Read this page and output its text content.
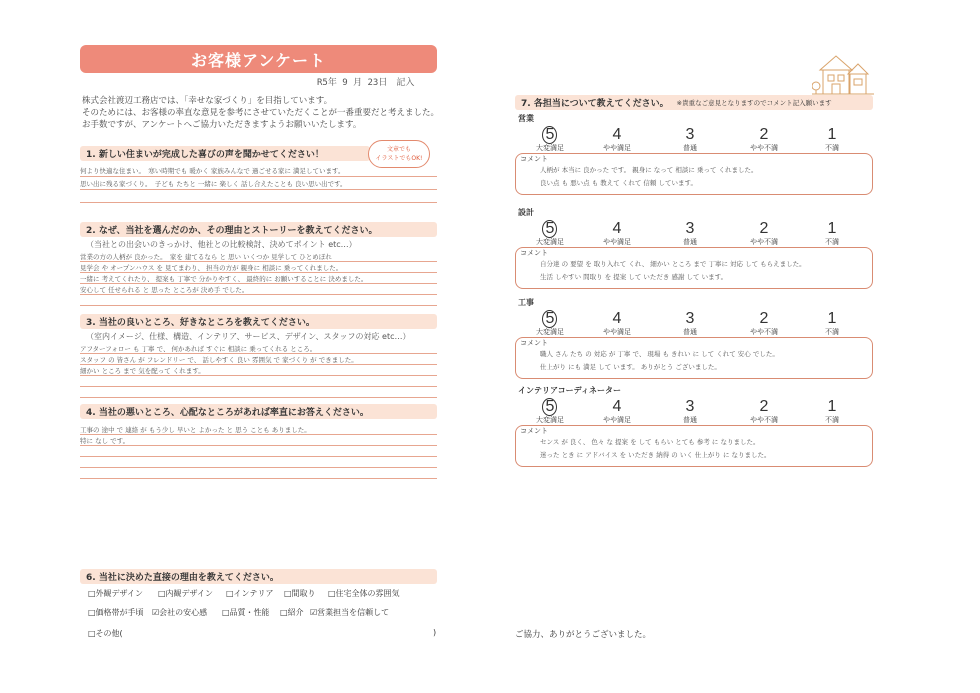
お客様アンケート
R5年 9 月 23日　記入
株式会社渡辺工務店では、「幸せな家づくり」を目指しています。
そのためには、お客様の率直な意見を参考にさせていただくことが一番重要だと考えました。
お手数ですが、アンケートへご協力いただきますようお願いいたします。
1. 新しい住まいが完成した喜びの声を聞かせてください！
文章でも
イラストでもOK!
何より快適な住まい。　寒い時期でも 暖かく 家族みんなで 過ごせる家に 満足しています。
思い出に残る家づくり。　子ども たちと 一緒に 楽しく 話し合えたことも 良い思い出です。
2. なぜ、当社を選んだのか、その理由とストーリーを教えてください。
（当社との出会いのきっかけ、他社との比較検討、決めてポイント etc…）
営業の方の人柄が 良かった。　家を 建てるなら と 思い いくつか 見学して ひとめぼれ
見学会 や オープンハウス を 見てまわり、 担当の方が 親身に 相談に 乗ってくれました。
一緒に 考えてくれたり、 提案も 丁寧で 分かりやすく、 最終的に お願いすることに 決めました。
安心して 任せられる と 思った ところが 決め手 でした。
3. 当社の良いところ、好きなところを教えてください。
（室内イメージ、仕様、構造、インテリア、サービス、デザイン、スタッフの対応 etc…）
アフターフォロー も 丁寧 で、 何かあれば すぐに 相談に 乗ってくれる ところ。
スタッフ の 皆さん が フレンドリー で、 話しやすく 良い 雰囲気 で 家づくり が できました。
細かい ところ まで 気を配って くれます。
4. 当社の悪いところ、心配なところがあれば率直にお答えください。
工事の 途中 で 連絡 が もう少し 早いと よかった と 思う ことも ありました。
特に なし です。
6. 当社に決めた直接の理由を教えてください。
□外観デザイン □内観デザイン □インテリア □間取り □住宅全体の雰囲気
□価格帯が手頃 ☑会社の安心感 □品質・性能 □紹介 ☑営業担当を信頼して
□その他(	)
7. 各担当について教えてください。 ※貴重なご意見となりますのでコメント記入願います
営業
5
大変満足
4
やや満足
3
普通
2
やや不満
1
不満
コメント
人柄が 本当に 良かった です。 親身に なって 相談に 乗って くれました。
良い点 も 悪い点 も 教えて くれて 信頼 しています。
設計
5
大変満足
4
やや満足
3
普通
2
やや不満
1
不満
コメント
自分達 の 要望 を 取り入れて くれ、 細かい ところ まで 丁寧に 対応 して もらえました。
生活 しやすい 間取り を 提案 して いただき 感謝 して います。
工事
5
大変満足
4
やや満足
3
普通
2
やや不満
1
不満
コメント
職人 さん たち の 対応 が 丁寧 で、 現場 も きれい に して くれて 安心 でした。
仕上がり にも 満足 して います。 ありがとう ございました。
インテリアコーディネーター
5
大変満足
4
やや満足
3
普通
2
やや不満
1
不満
コメント
センス が 良く、 色々 な 提案 を して もらい とても 参考 に なりました。
迷った とき に アドバイス を いただき 納得 の いく 仕上がり に なりました。
ご協力、ありがとうございました。
